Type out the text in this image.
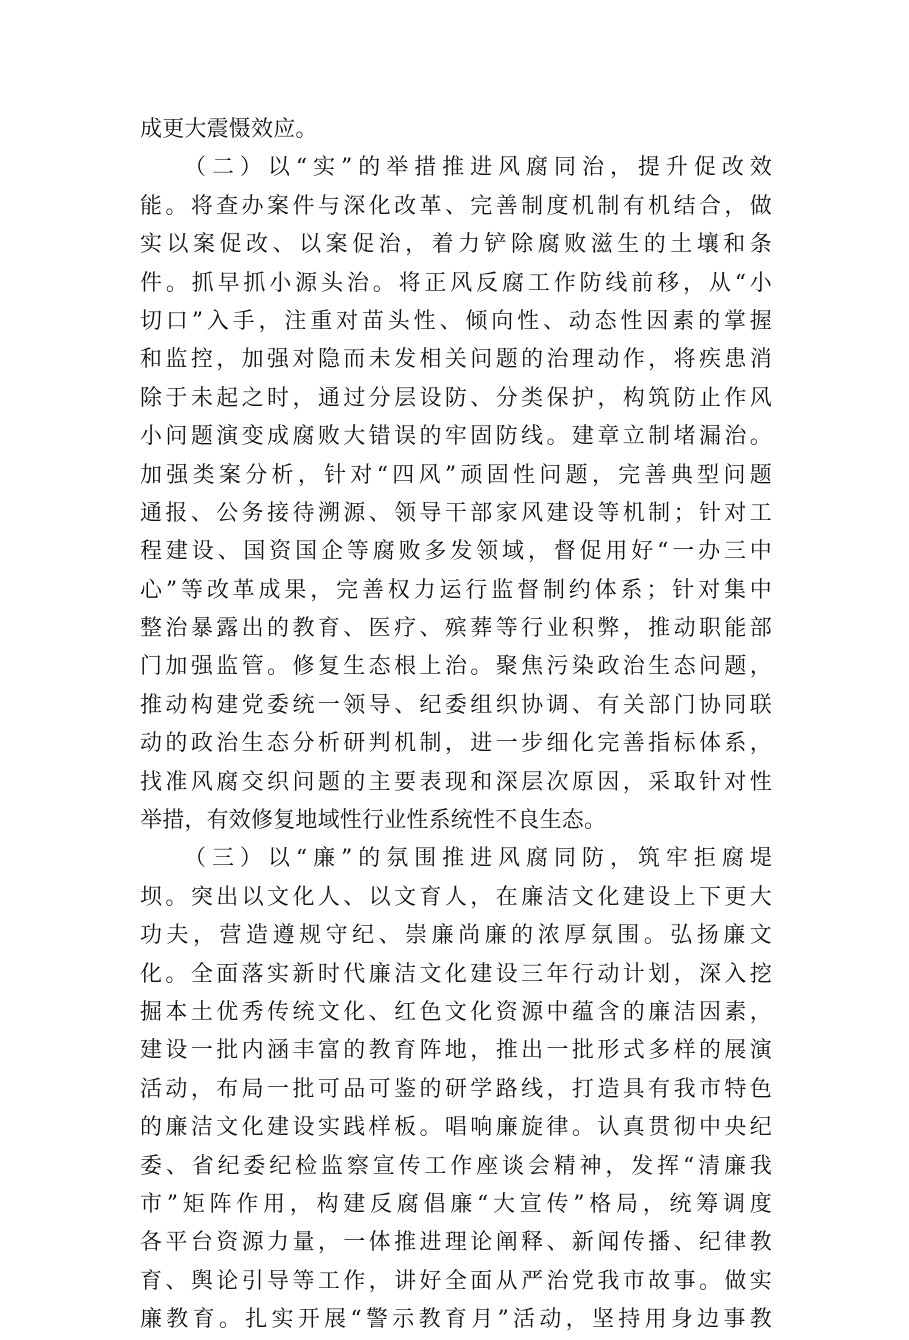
成更大震慑效应。
（二）以“实”的举措推进风腐同治，提升促改效
能。将查办案件与深化改革、完善制度机制有机结合，做
实以案促改、以案促治，着力铲除腐败滋生的土壤和条
件。抓早抓小源头治。将正风反腐工作防线前移，从“小
切口”入手，注重对苗头性、倾向性、动态性因素的掌握
和监控，加强对隐而未发相关问题的治理动作，将疾患消
除于未起之时，通过分层设防、分类保护，构筑防止作风
小问题演变成腐败大错误的牢固防线。建章立制堵漏治。
加强类案分析，针对“四风”顽固性问题，完善典型问题
通报、公务接待溯源、领导干部家风建设等机制；针对工
程建设、国资国企等腐败多发领域，督促用好“一办三中
心”等改革成果，完善权力运行监督制约体系；针对集中
整治暴露出的教育、医疗、殡葬等行业积弊，推动职能部
门加强监管。修复生态根上治。聚焦污染政治生态问题，
推动构建党委统一领导、纪委组织协调、有关部门协同联
动的政治生态分析研判机制，进一步细化完善指标体系，
找准风腐交织问题的主要表现和深层次原因，采取针对性
举措，有效修复地域性行业性系统性不良生态。
（三）以“廉”的氛围推进风腐同防，筑牢拒腐堤
坝。突出以文化人、以文育人，在廉洁文化建设上下更大
功夫，营造遵规守纪、崇廉尚廉的浓厚氛围。弘扬廉文
化。全面落实新时代廉洁文化建设三年行动计划，深入挖
掘本土优秀传统文化、红色文化资源中蕴含的廉洁因素，
建设一批内涵丰富的教育阵地，推出一批形式多样的展演
活动，布局一批可品可鉴的研学路线，打造具有我市特色
的廉洁文化建设实践样板。唱响廉旋律。认真贯彻中央纪
委、省纪委纪检监察宣传工作座谈会精神，发挥“清廉我
市”矩阵作用，构建反腐倡廉“大宣传”格局，统筹调度
各平台资源力量，一体推进理论阐释、新闻传播、纪律教
育、舆论引导等工作，讲好全面从严治党我市故事。做实
廉教育。扎实开展“警示教育月”活动，坚持用身边事教
